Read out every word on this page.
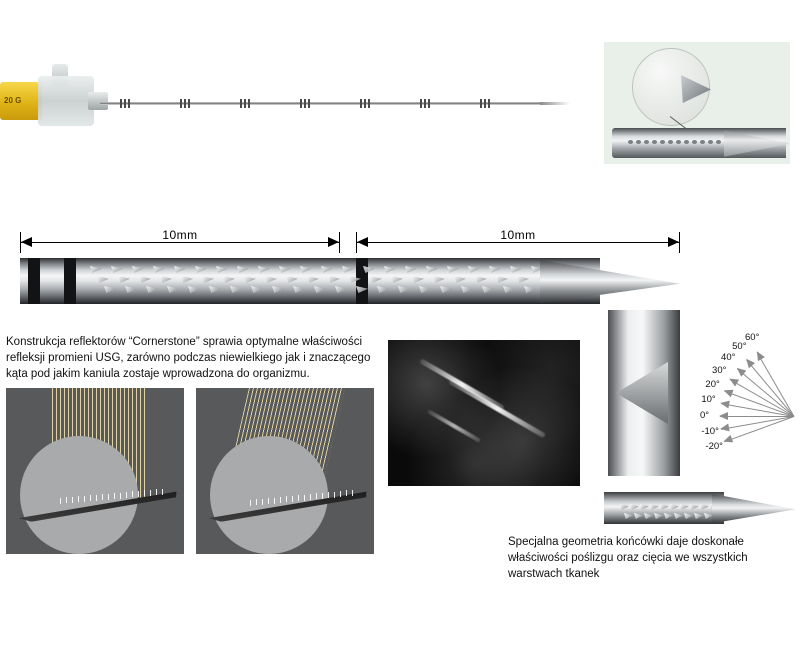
20 G
10mm	10mm
Konstrukcja reflektorów “Cornerstone” sprawia optymalne właściwości refleksji promieni USG, zarówno podczas niewielkiego jak i znaczącego kąta pod jakim kaniula zostaje wprowadzona do organizmu.
60°
50°
40°
30°
20°
10°
0°
-10°
-20°
Specjalna geometria końcówki daje doskonałe właściwości poślizgu oraz cięcia we wszystkich warstwach tkanek
